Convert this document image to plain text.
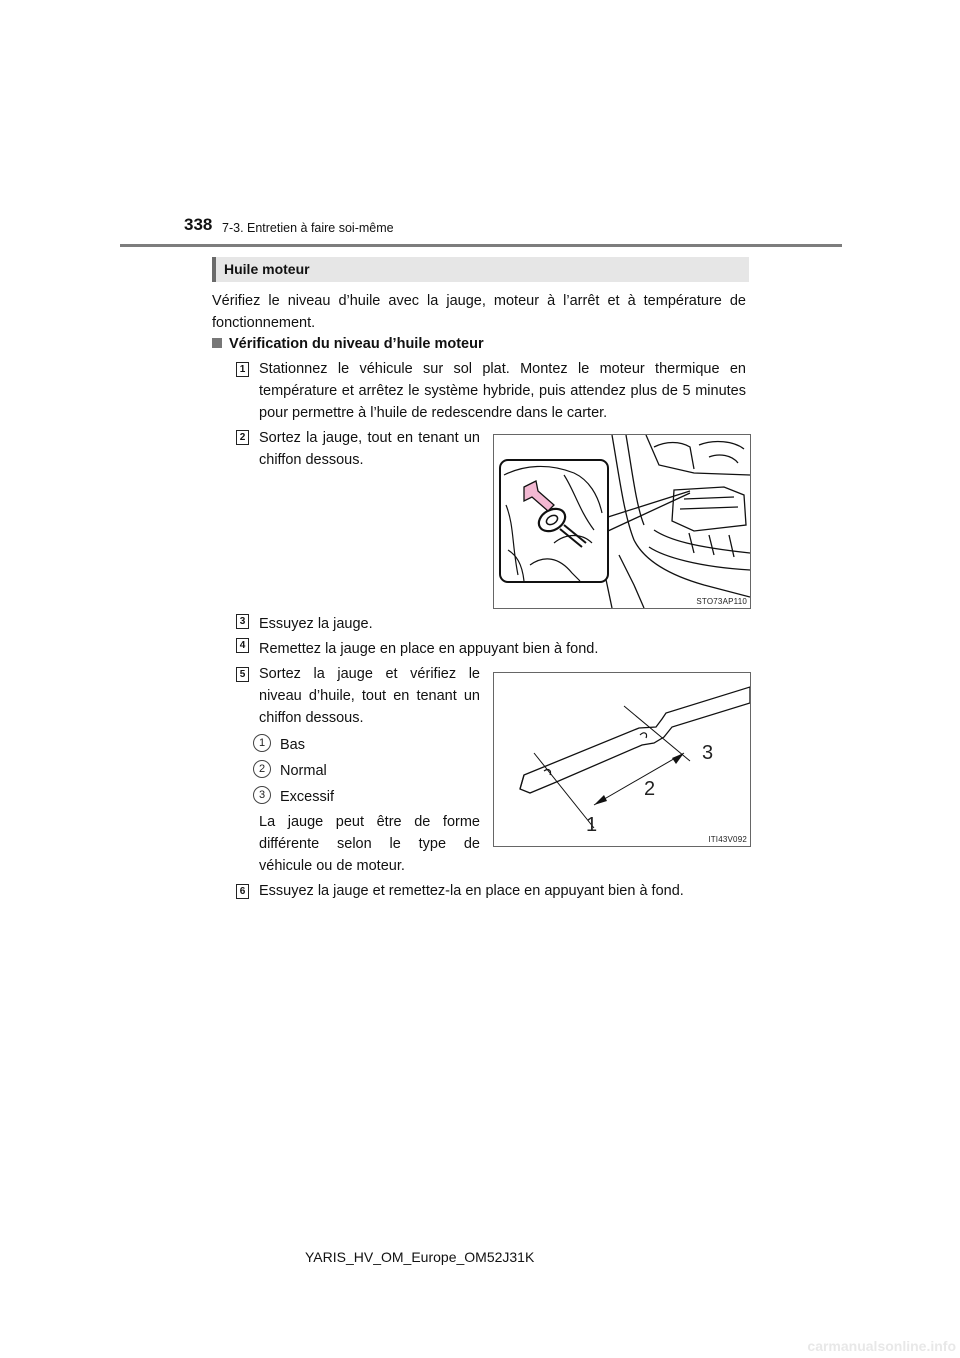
338 7-3. Entretien à faire soi-même
Huile moteur
Vérifiez le niveau d’huile avec la jauge, moteur à l’arrêt et à température de fonctionnement.
Vérification du niveau d’huile moteur
1 Stationnez le véhicule sur sol plat. Montez le moteur thermique en température et arrêtez le système hybride, puis attendez plus de 5 minutes pour permettre à l’huile de redescendre dans le carter.
2 Sortez la jauge, tout en tenant un chiffon dessous.
STO73AP110
3 Essuyez la jauge.
4 Remettez la jauge en place en appuyant bien à fond.
5 Sortez la jauge et vérifiez le niveau d’huile, tout en tenant un chiffon dessous.
1	Bas
2	Normal
3	Excessif
La jauge peut être de forme différente selon le type de véhicule ou de moteur.
1
2
3
ITI43V092
6 Essuyez la jauge et remettez-la en place en appuyant bien à fond.
YARIS_HV_OM_Europe_OM52J31K
carmanualsonline.info
